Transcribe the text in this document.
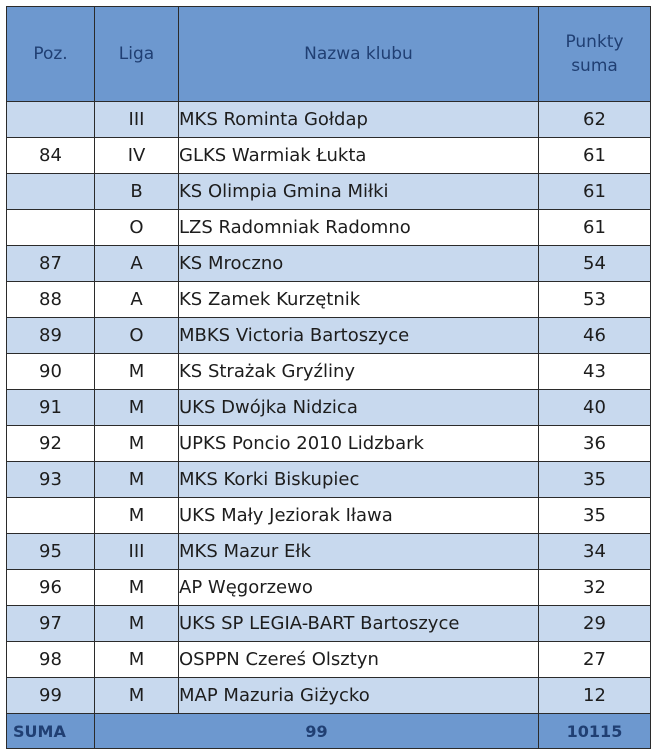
Poz.	Liga	Nazwa klubu	Punkty
suma

	III	MKS Rominta Gołdap	62
84	IV	GLKS Warmiak Łukta	61
	B	KS Olimpia Gmina Miłki	61
	O	LZS Radomniak Radomno	61
87	A	KS Mroczno	54
88	A	KS Zamek Kurzętnik	53
89	O	MBKS Victoria Bartoszyce	46
90	M	KS Strażak Gryźliny	43
91	M	UKS Dwójka Nidzica	40
92	M	UPKS Poncio 2010 Lidzbark	36
93	M	MKS Korki Biskupiec	35
	M	UKS Mały Jeziorak Iława	35
95	III	MKS Mazur Ełk	34
96	M	AP Węgorzewo	32
97	M	UKS SP LEGIA-BART Bartoszyce	29
98	M	OSPPN Czereś Olsztyn	27
99	M	MAP Mazuria Giżycko	12
SUMA	99		10115
